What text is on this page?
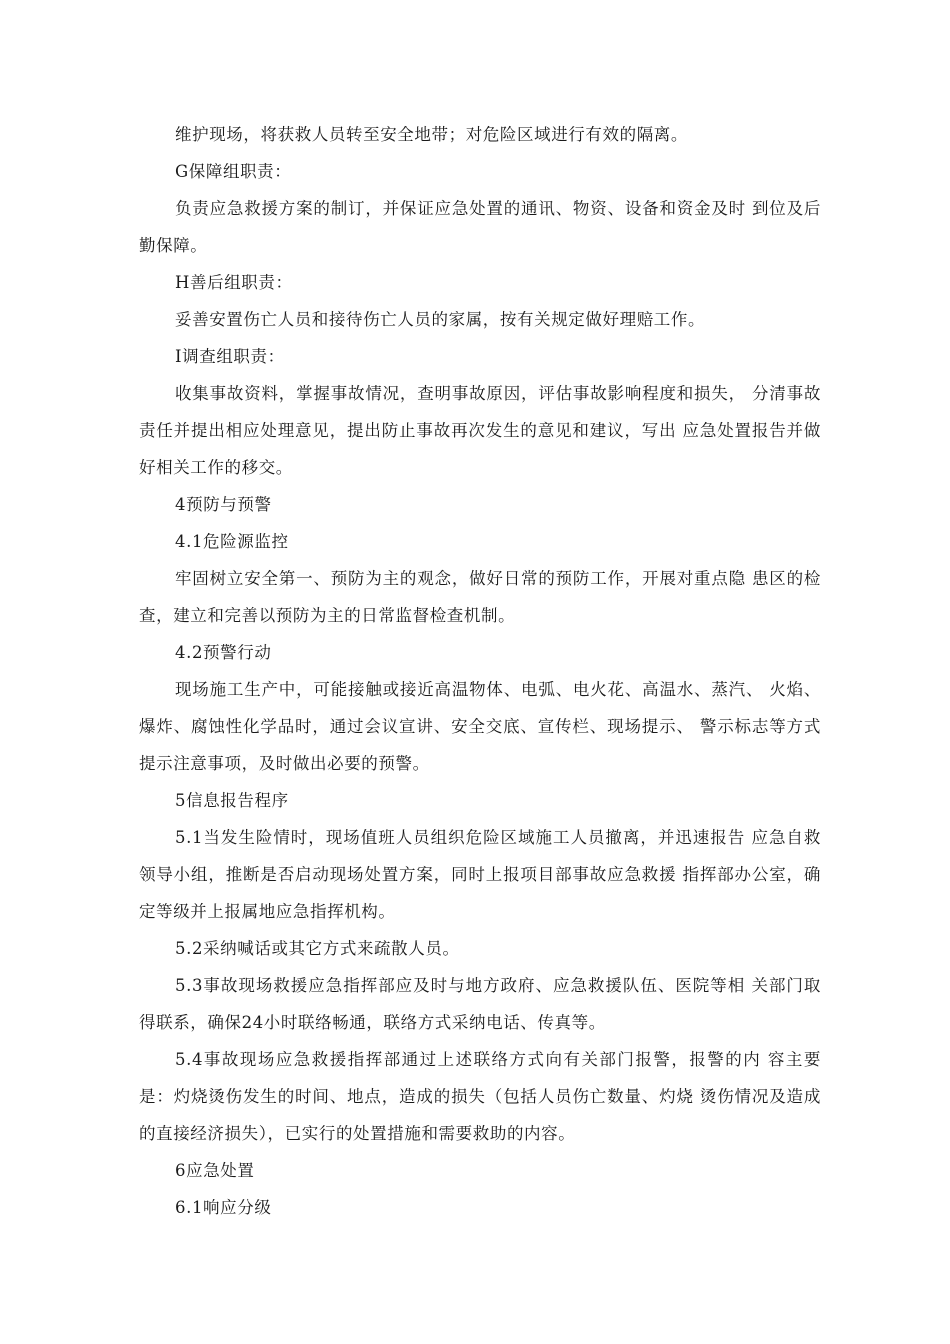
维护现场，将获救人员转至安全地带；对危险区域进行有效的隔离。

G保障组职责：

负责应急救援方案的制订，并保证应急处置的通讯、物资、设备和资金及时 到位及后勤保障。

H善后组职责：

妥善安置伤亡人员和接待伤亡人员的家属，按有关规定做好理赔工作。

I调查组职责：

收集事故资料，掌握事故情况，查明事故原因，评估事故影响程度和损失， 分清事故责任并提出相应处理意见，提出防止事故再次发生的意见和建议，写出 应急处置报告并做好相关工作的移交。

4预防与预警

4.1危险源监控

牢固树立安全第一、预防为主的观念，做好日常的预防工作，开展对重点隐 患区的检查，建立和完善以预防为主的日常监督检查机制。

4.2预警行动

现场施工生产中，可能接触或接近高温物体、电弧、电火花、高温水、蒸汽、 火焰、爆炸、腐蚀性化学品时，通过会议宣讲、安全交底、宣传栏、现场提示、 警示标志等方式提示注意事项，及时做出必要的预警。

5信息报告程序

5.1当发生险情时，现场值班人员组织危险区域施工人员撤离，并迅速报告 应急自救领导小组，推断是否启动现场处置方案，同时上报项目部事故应急救援 指挥部办公室，确定等级并上报属地应急指挥机构。

5.2采纳喊话或其它方式来疏散人员。

5.3事故现场救援应急指挥部应及时与地方政府、应急救援队伍、医院等相 关部门取得联系，确保24小时联络畅通，联络方式采纳电话、传真等。

5.4事故现场应急救援指挥部通过上述联络方式向有关部门报警，报警的内 容主要是：灼烧烫伤发生的时间、地点，造成的损失（包括人员伤亡数量、灼烧 烫伤情况及造成的直接经济损失），已实行的处置措施和需要救助的内容。

6应急处置

6.1响应分级
